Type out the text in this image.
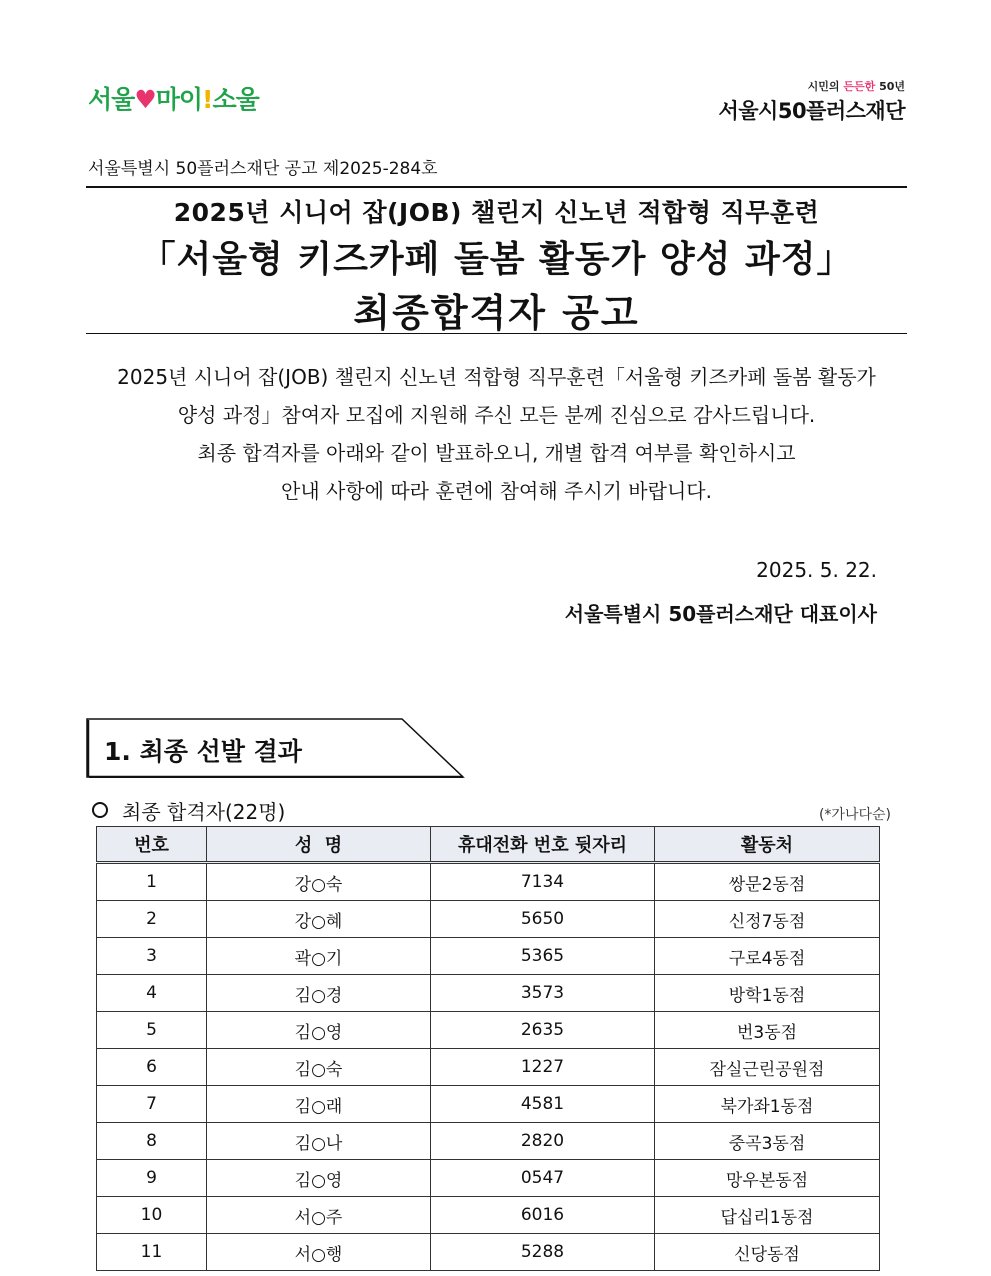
서울♥마이!소울	시민의 든든한 50년
서울시50플러스재단
서울특별시 50플러스재단 공고 제2025-284호
2025년 시니어 잡(JOB) 챌린지 신노년 적합형 직무훈련
「서울형 키즈카페 돌봄 활동가 양성 과정」
최종합격자 공고
2025년 시니어 잡(JOB) 챌린지 신노년 적합형 직무훈련「서울형 키즈카페 돌봄 활동가
양성 과정」참여자 모집에 지원해 주신 모든 분께 진심으로 감사드립니다.
최종 합격자를 아래와 같이 발표하오니, 개별 합격 여부를 확인하시고
안내 사항에 따라 훈련에 참여해 주시기 바랍니다.
2025. 5. 22.
서울특별시 50플러스재단 대표이사
1. 최종 선발 결과
최종 합격자(22명)	(*가나다순)
번호	성  명	휴대전화 번호 뒷자리	활동처
1	강○숙	7134	쌍문2동점
2	강○혜	5650	신정7동점
3	곽○기	5365	구로4동점
4	김○경	3573	방학1동점
5	김○영	2635	번3동점
6	김○숙	1227	잠실근린공원점
7	김○래	4581	북가좌1동점
8	김○나	2820	중곡3동점
9	김○영	0547	망우본동점
10	서○주	6016	답십리1동점
11	서○행	5288	신당동점
